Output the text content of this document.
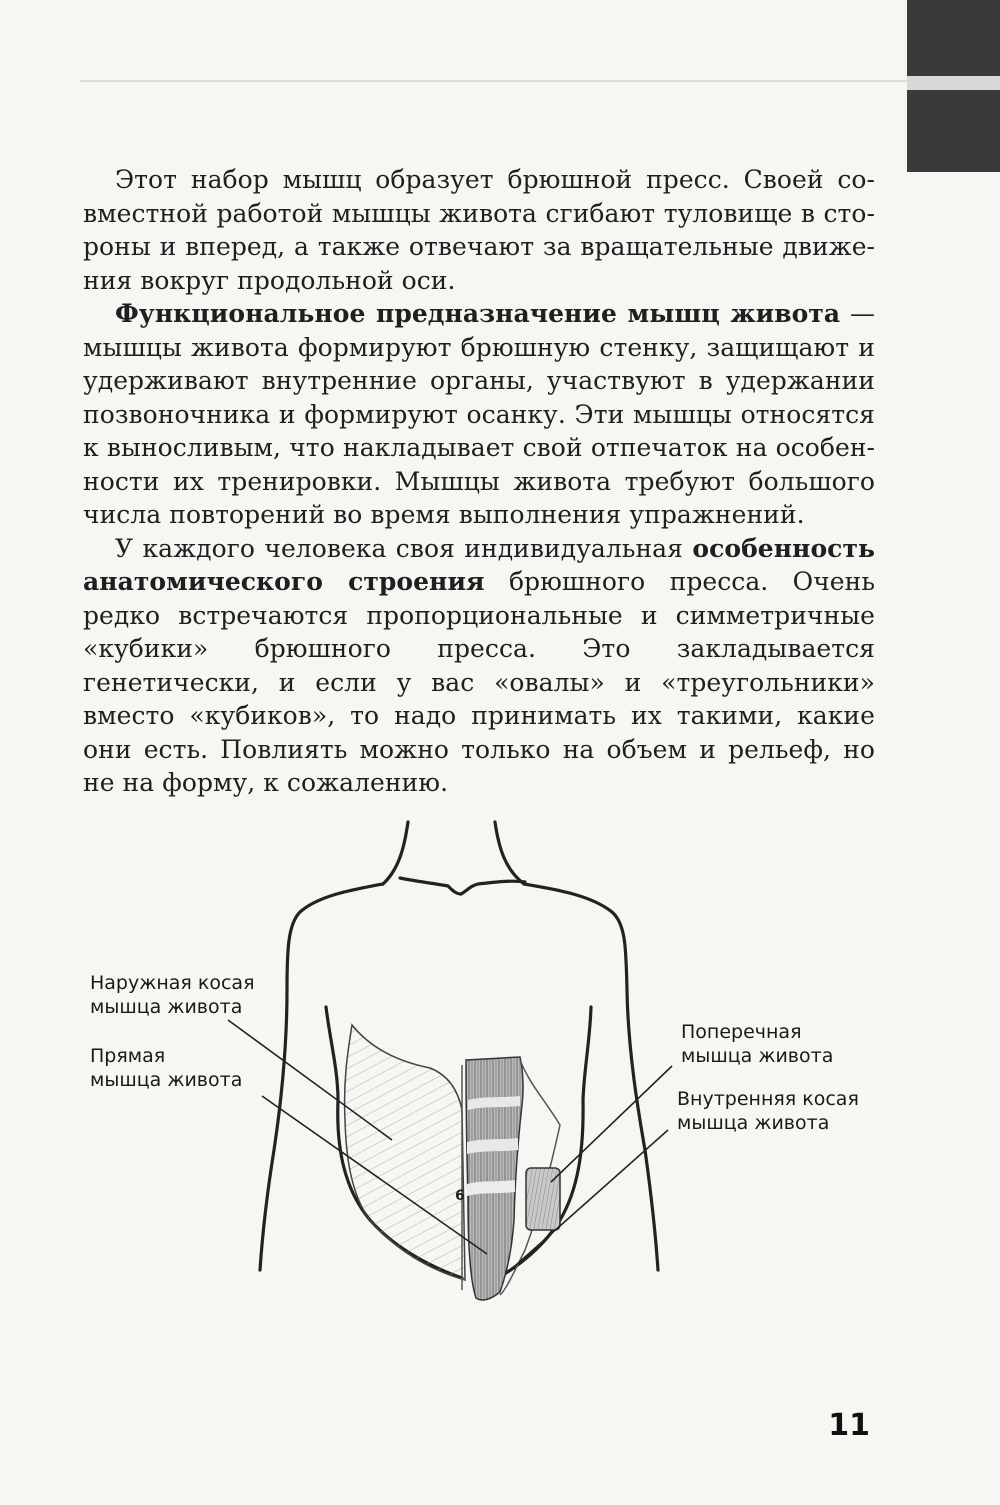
Этот набор мышц образует брюшной пресс. Своей совместной работой мышцы живота сгибают туловище в стороны и вперед, а также отвечают за вращательные движения вокруг продольной оси.

Функциональное предназначение мышц живота — мышцы живота формируют брюшную стенку, защищают и удерживают внутренние органы, участвуют в удержании позвоночника и формируют осанку. Эти мышцы относятся к выносливым, что накладывает свой отпечаток на особенности их тренировки. Мышцы живота требуют большого числа повторений во время выполнения упражнений.

У каждого человека своя индивидуальная особенность анатомического строения брюшного пресса. Очень редко встречаются пропорциональные и симметричные «кубики» брюшного пресса. Это закладывается генетически, и если у вас «овалы» и «треугольники» вместо «кубиков», то надо принимать их такими, какие они есть. Повлиять можно только на объем и рельеф, но не на форму, к сожалению.

6
Наружная косая
мышца живота
Прямая
мышца живота
Поперечная
мышца живота
Внутренняя косая
мышца живота
11
